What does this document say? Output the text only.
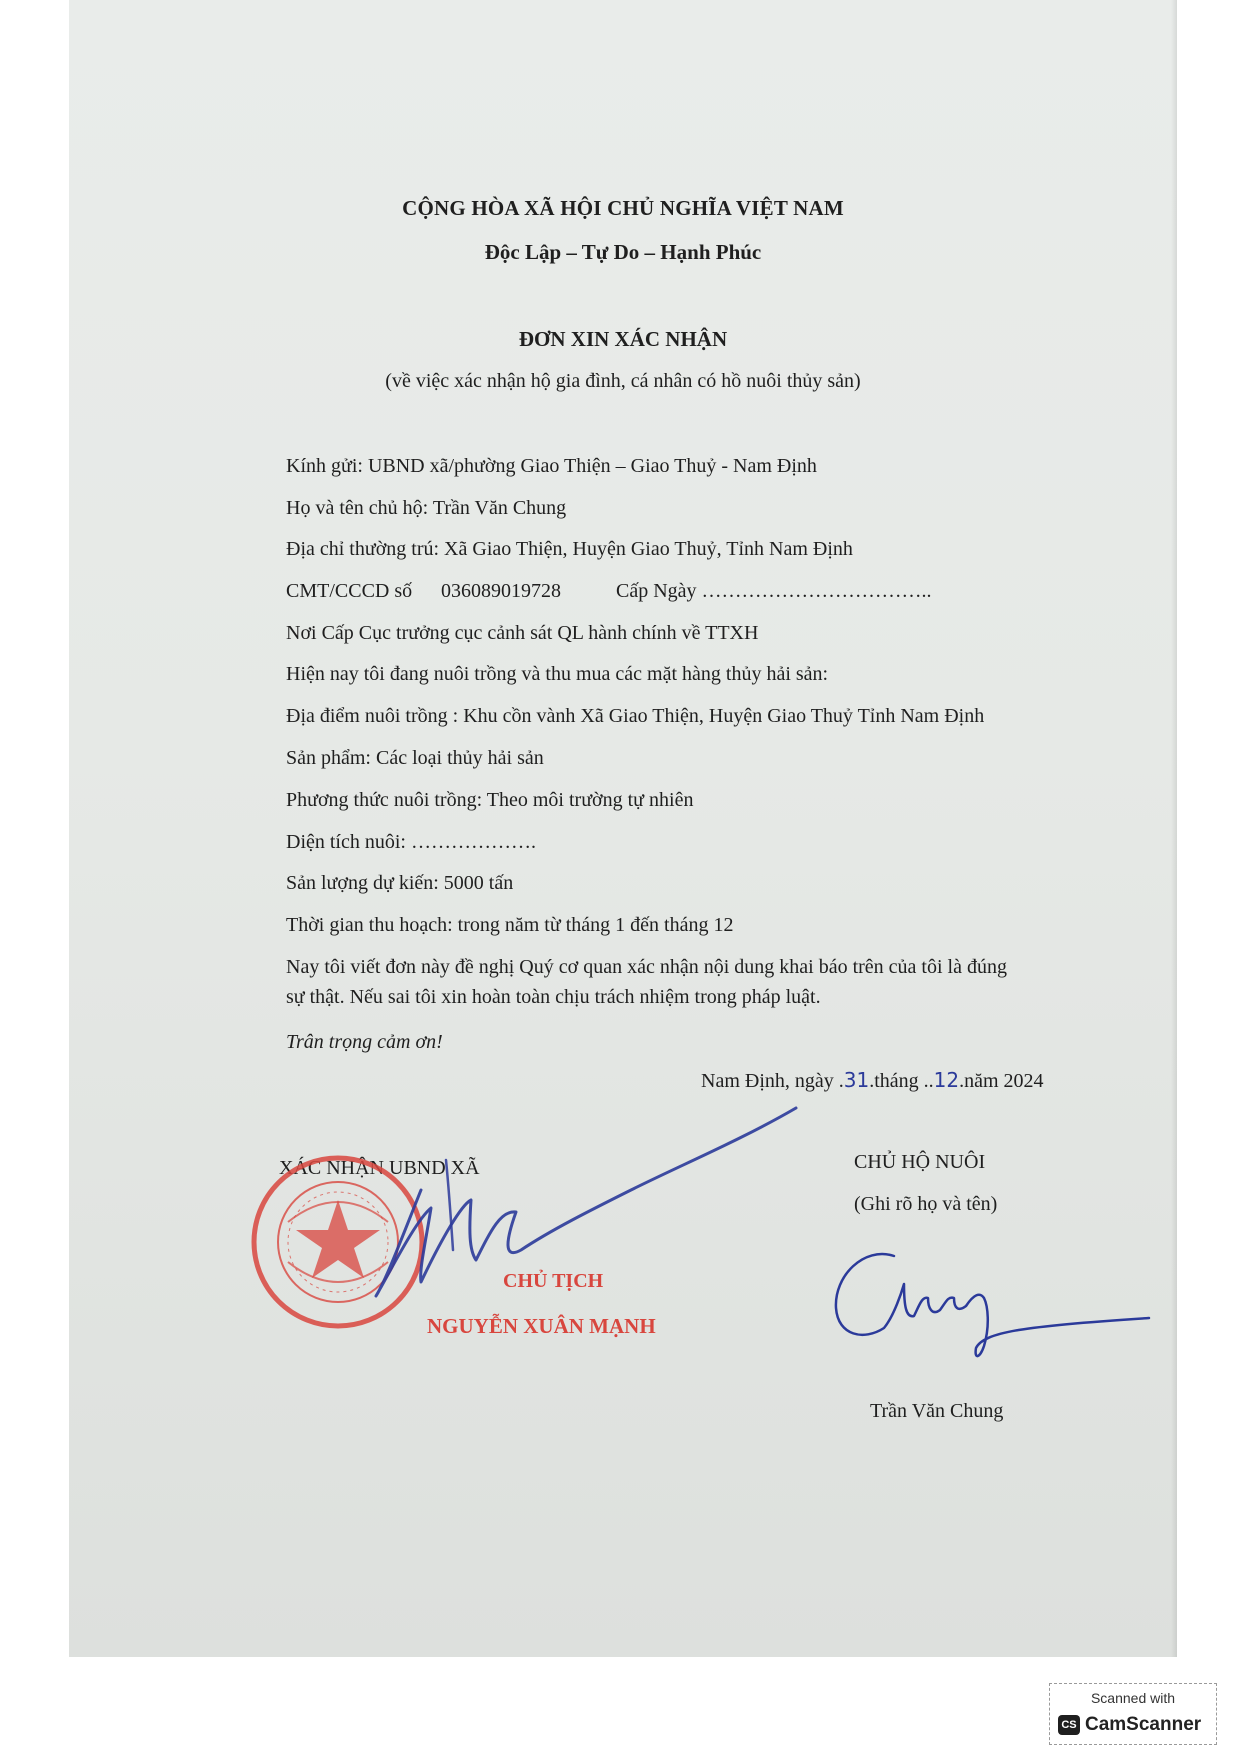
CỘNG HÒA XÃ HỘI CHỦ NGHĨA VIỆT NAM
Độc Lập – Tự Do – Hạnh Phúc
ĐƠN XIN XÁC NHẬN
(về việc xác nhận hộ gia đình, cá nhân có hồ nuôi thủy sản)
Kính gửi: UBND xã/phường Giao Thiện – Giao Thuỷ - Nam Định
Họ và tên chủ hộ: Trần Văn Chung
Địa chỉ thường trú: Xã Giao Thiện, Huyện Giao Thuỷ, Tỉnh Nam Định
CMT/CCCD số 036089019728	Cấp Ngày ……………………………..
Nơi Cấp Cục trưởng cục cảnh sát QL hành chính về TTXH
Hiện nay tôi đang nuôi trồng và thu mua các mặt hàng thủy hải sản:
Địa điểm nuôi trồng : Khu cồn vành Xã Giao Thiện, Huyện Giao Thuỷ Tỉnh Nam Định
Sản phẩm: Các loại thủy hải sản
Phương thức nuôi trồng: Theo môi trường tự nhiên
Diện tích nuôi: ……………….
Sản lượng dự kiến: 5000 tấn
Thời gian thu hoạch: trong năm từ tháng 1 đến tháng 12
Nay tôi viết đơn này đề nghị Quý cơ quan xác nhận nội dung khai báo trên của tôi là đúng
sự thật. Nếu sai tôi xin hoàn toàn chịu trách nhiệm trong pháp luật.
Trân trọng cảm ơn!
Nam Định, ngày .31.tháng ..12.năm 2024
XÁC NHẬN UBND XÃ
CHỦ TỊCH
NGUYỄN XUÂN MẠNH
CHỦ HỘ NUÔI
(Ghi rõ họ và tên)
Trần Văn Chung
Scanned with
CS CamScanner
